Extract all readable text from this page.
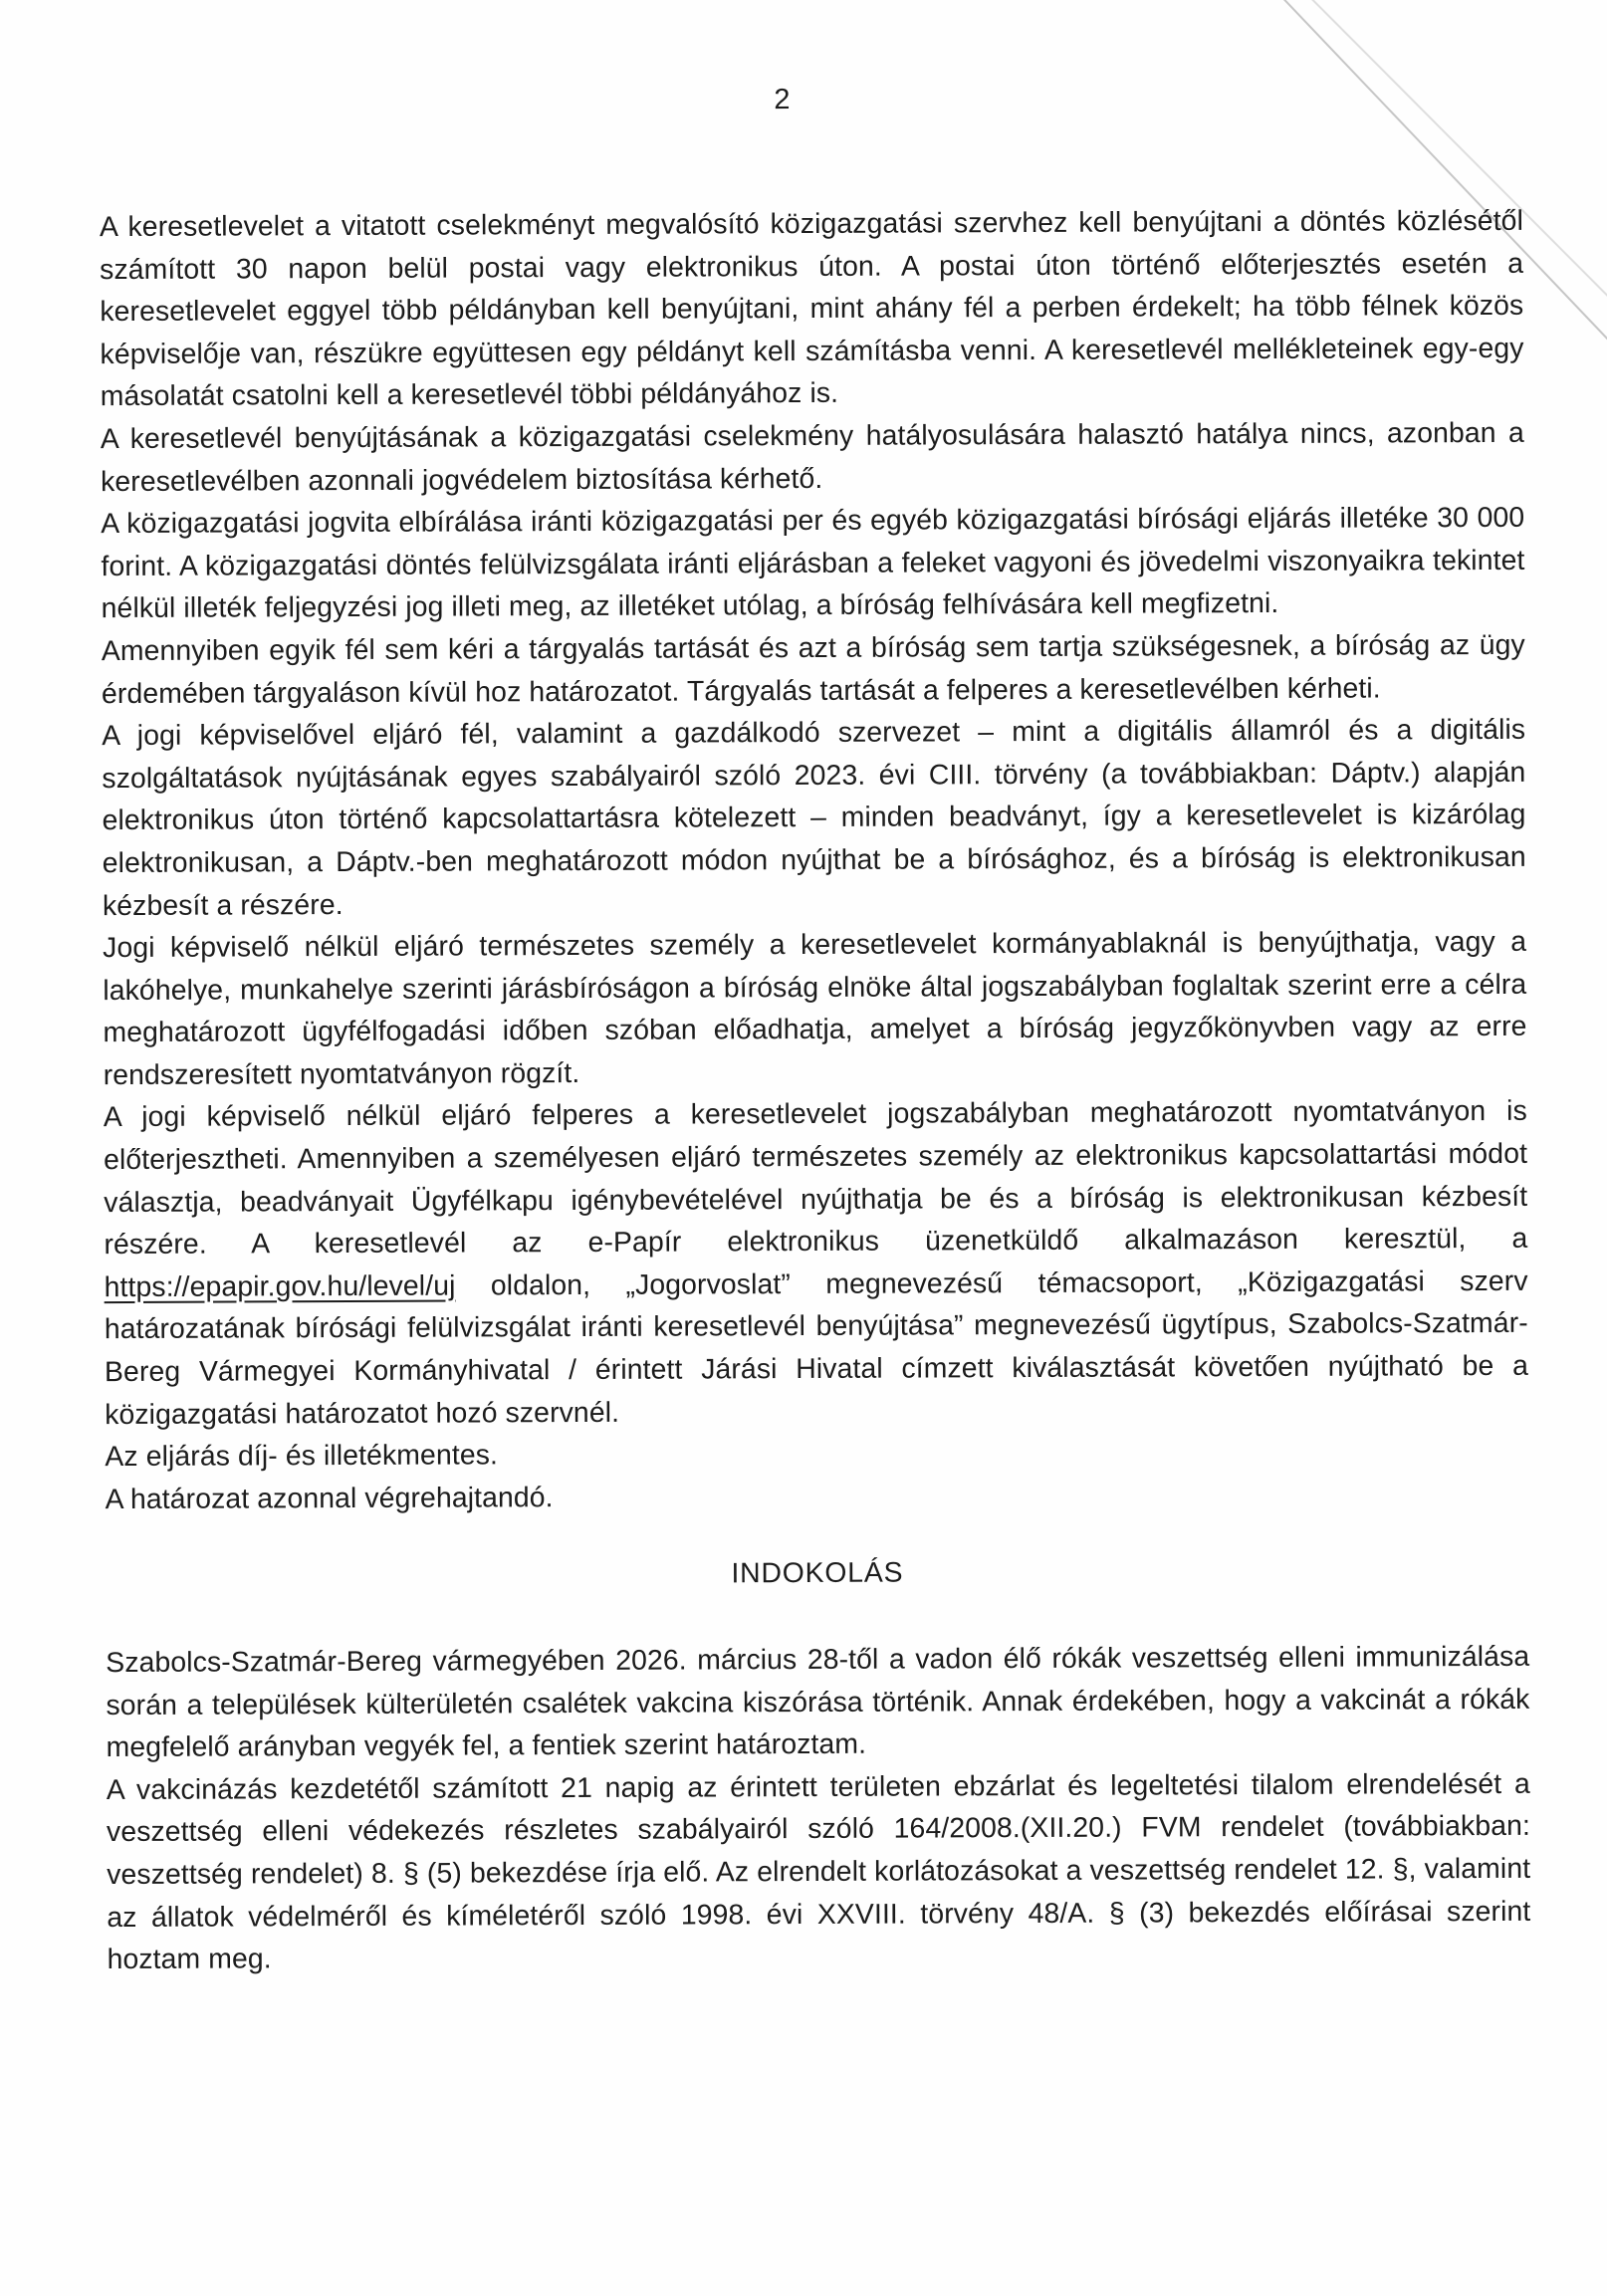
2

A keresetlevelet a vitatott cselekményt megvalósító közigazgatási szervhez kell benyújtani a döntés közlésétől számított 30 napon belül postai vagy elektronikus úton. A postai úton történő előterjesztés esetén a keresetlevelet eggyel több példányban kell benyújtani, mint ahány fél a perben érdekelt; ha több félnek közös képviselője van, részükre együttesen egy példányt kell számításba venni. A keresetlevél mellékleteinek egy-egy másolatát csatolni kell a keresetlevél többi példányához is.

A keresetlevél benyújtásának a közigazgatási cselekmény hatályosulására halasztó hatálya nincs, azonban a keresetlevélben azonnali jogvédelem biztosítása kérhető.

A közigazgatási jogvita elbírálása iránti közigazgatási per és egyéb közigazgatási bírósági eljárás illetéke 30 000 forint. A közigazgatási döntés felülvizsgálata iránti eljárásban a feleket vagyoni és jövedelmi viszonyaikra tekintet nélkül illeték feljegyzési jog illeti meg, az illetéket utólag, a bíróság felhívására kell megfizetni.

Amennyiben egyik fél sem kéri a tárgyalás tartását és azt a bíróság sem tartja szükségesnek, a bíróság az ügy érdemében tárgyaláson kívül hoz határozatot. Tárgyalás tartását a felperes a keresetlevélben kérheti.

A jogi képviselővel eljáró fél, valamint a gazdálkodó szervezet – mint a digitális államról és a digitális szolgáltatások nyújtásának egyes szabályairól szóló 2023. évi CIII. törvény (a továbbiakban: Dáptv.) alapján elektronikus úton történő kapcsolattartásra kötelezett – minden beadványt, így a keresetlevelet is kizárólag elektronikusan, a Dáptv.-ben meghatározott módon nyújthat be a bírósághoz, és a bíróság is elektronikusan kézbesít a részére.

Jogi képviselő nélkül eljáró természetes személy a keresetlevelet kormányablaknál is benyújthatja, vagy a lakóhelye, munkahelye szerinti járásbíróságon a bíróság elnöke által jogszabályban foglaltak szerint erre a célra meghatározott ügyfélfogadási időben szóban előadhatja, amelyet a bíróság jegyzőkönyvben vagy az erre rendszeresített nyomtatványon rögzít.

A jogi képviselő nélkül eljáró felperes a keresetlevelet jogszabályban meghatározott nyomtatványon is előterjesztheti. Amennyiben a személyesen eljáró természetes személy az elektronikus kapcsolattartási módot választja, beadványait Ügyfélkapu igénybevételével nyújthatja be és a bíróság is elektronikusan kézbesít részére. A keresetlevél az e-Papír elektronikus üzenetküldő alkalmazáson keresztül, a https://epapir.gov.hu/level/uj oldalon, „Jogorvoslat” megnevezésű témacsoport, „Közigazgatási szerv határozatának bírósági felülvizsgálat iránti keresetlevél benyújtása” megnevezésű ügytípus, Szabolcs-Szatmár-Bereg Vármegyei Kormányhivatal / érintett Járási Hivatal címzett kiválasztását követően nyújtható be a közigazgatási határozatot hozó szervnél.

Az eljárás díj- és illetékmentes.

A határozat azonnal végrehajtandó.

INDOKOLÁS

Szabolcs-Szatmár-Bereg vármegyében 2026. március 28-től a vadon élő rókák veszettség elleni immunizálása során a települések külterületén csalétek vakcina kiszórása történik. Annak érdekében, hogy a vakcinát a rókák megfelelő arányban vegyék fel, a fentiek szerint határoztam.

A vakcinázás kezdetétől számított 21 napig az érintett területen ebzárlat és legeltetési tilalom elrendelését a veszettség elleni védekezés részletes szabályairól szóló 164/2008.(XII.20.) FVM rendelet (továbbiakban: veszettség rendelet) 8. § (5) bekezdése írja elő. Az elrendelt korlátozásokat a veszettség rendelet 12. §, valamint az állatok védelméről és kíméletéről szóló 1998. évi XXVIII. törvény 48/A. § (3) bekezdés előírásai szerint hoztam meg.
